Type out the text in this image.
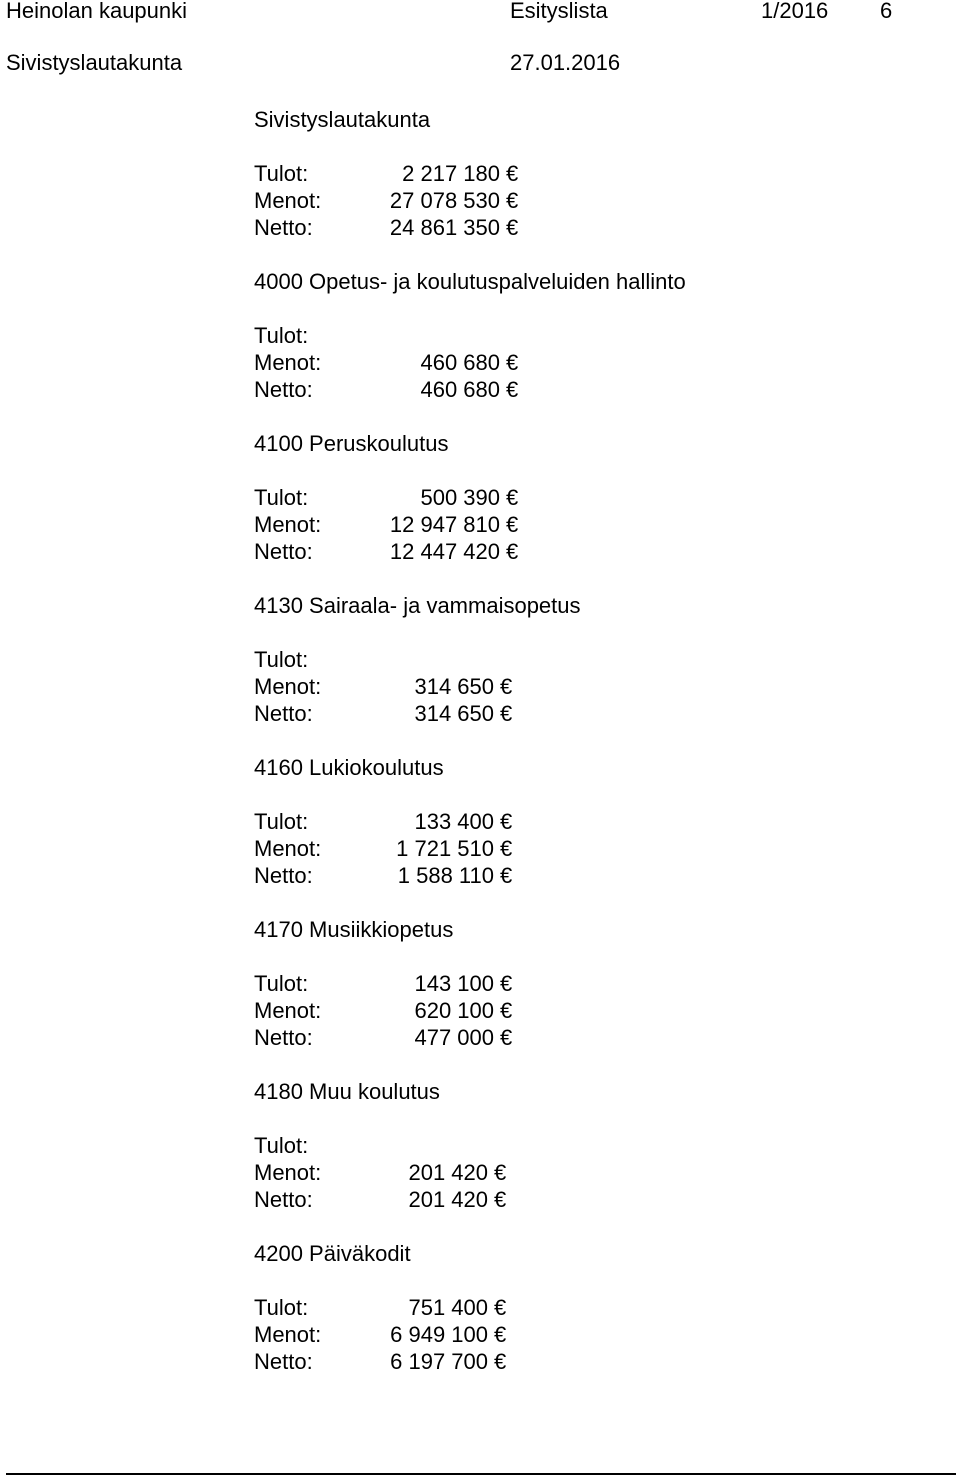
Heinolan kaupunki	Esityslista	1/2016 6
Sivistyslautakunta	27.01.2016
Sivistyslautakunta
Tulot:	2 217 180 €
Menot:	27 078 530 €
Netto:	24 861 350 €
4000 Opetus- ja koulutuspalveluiden hallinto
Tulot:
Menot:	460 680 €
Netto:	460 680 €
4100 Peruskoulutus
Tulot:	500 390 €
Menot:	12 947 810 €
Netto:	12 447 420 €
4130 Sairaala- ja vammaisopetus
Tulot:
Menot:	314 650 €
Netto:	314 650 €
4160 Lukiokoulutus
Tulot:	133 400 €
Menot:	1 721 510 €
Netto:	1 588 110 €
4170 Musiikkiopetus
Tulot:	143 100 €
Menot:	620 100 €
Netto:	477 000 €
4180 Muu koulutus
Tulot:
Menot:	201 420 €
Netto:	201 420 €
4200 Päiväkodit
Tulot:	751 400 €
Menot:	6 949 100 €
Netto:	6 197 700 €
